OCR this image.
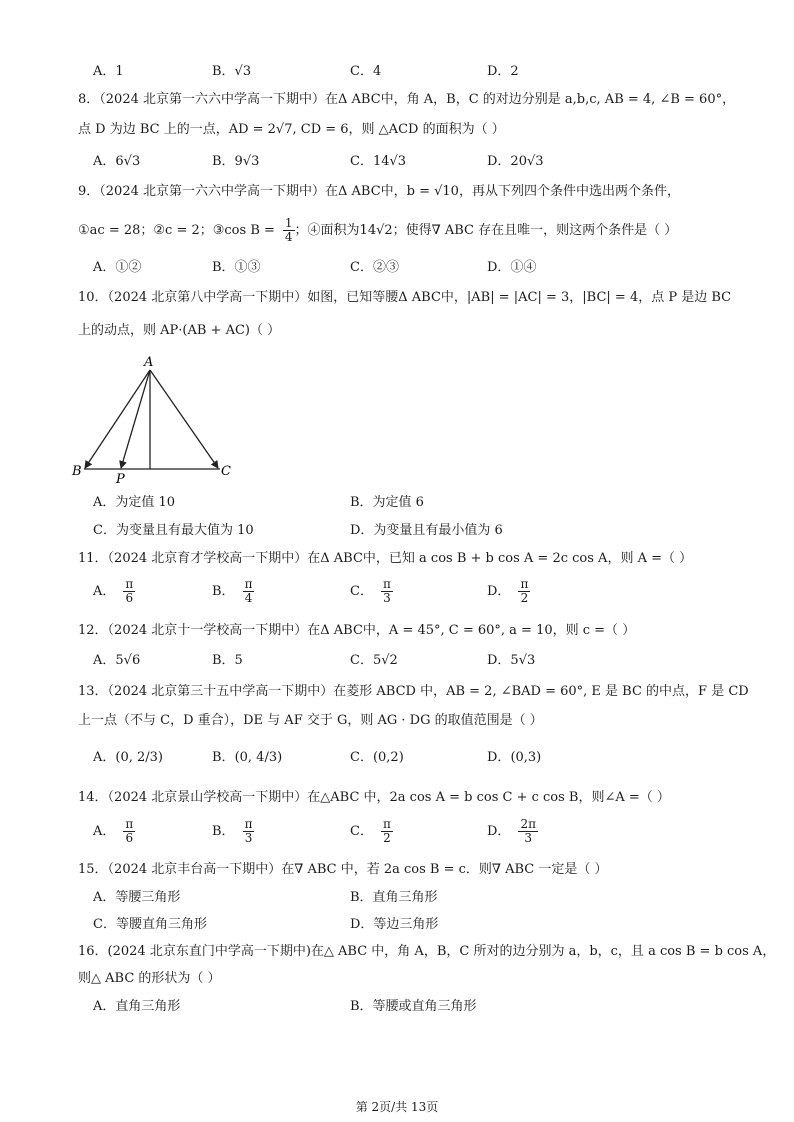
A．1	B．√3	C．4	D．2
8．（2024 北京第一六六中学高一下期中）在Δ ABC中，角 A，B，C 的对边分别是 a,b,c, AB = 4, ∠B = 60°，
点 D 为边 BC 上的一点，AD = 2√7, CD = 6，则 △ACD 的面积为（ ）
A．6√3	B．9√3	C．14√3	D．20√3
9．（2024 北京第一六六中学高一下期中）在Δ ABC中，b = √10，再从下列四个条件中选出两个条件，
①ac = 28；②c = 2；③cos $B = \frac{1}{4}$ ；④面积为14√2；使得∇ ABC 存在且唯一，则这两个条件是（ ）
A．①②	B．①③	C．②③	D．①④
10．（2024 北京第八中学高一下期中）如图，已知等腰Δ ABC中，|AB| = |AC| = 3，|BC| = 4，点 P 是边 BC
上的动点，则 AP·(AB + AC)（ ）
A
B
P
C
A．为定值 10	B．为定值 6
C．为变量且有最大值为 10	D．为变量且有最小值为 6
11．（2024 北京育才学校高一下期中）在Δ ABC中，已知 a cos B + b cos A = 2c cos A，则 A =（ ）
A． $\frac{\pi}{6}$	B． $\frac{\pi}{4}$	C． $\frac{\pi}{3}$	D． $\frac{\pi}{2}$
12．（2024 北京十一学校高一下期中）在Δ ABC中，A = 45°, C = 60°, a = 10，则 c =（ ）
A．5√6	B．5	C．5√2	D．5√3
13．（2024 北京第三十五中学高一下期中）在菱形 ABCD 中，AB = 2, ∠BAD = 60°, E 是 BC 的中点，F 是 CD
上一点（不与 C，D 重合），DE 与 AF 交于 G，则 AG · DG 的取值范围是（ ）
A．(0, 2/3)	B．(0, 4/3)	C．(0,2)	D．(0,3)
14．（2024 北京景山学校高一下期中）在△ABC 中，2a cos A = b cos C + c cos B，则∠A =（ ）
A． $\frac{\pi}{6}$	B． $\frac{\pi}{3}$	C． $\frac{\pi}{2}$	D． $\frac{2\pi}{3}$
15．（2024 北京丰台高一下期中）在∇ ABC 中，若 2a cos B = c．则∇ ABC 一定是（ ）
A．等腰三角形	B．直角三角形
C．等腰直角三角形	D．等边三角形
16．(2024 北京东直门中学高一下期中)在△ ABC 中，角 A，B，C 所对的边分别为 a，b，c，且 a cos B = b cos A，
则△ ABC 的形状为（ ）
A．直角三角形	B．等腰或直角三角形
第 2页/共 13页
